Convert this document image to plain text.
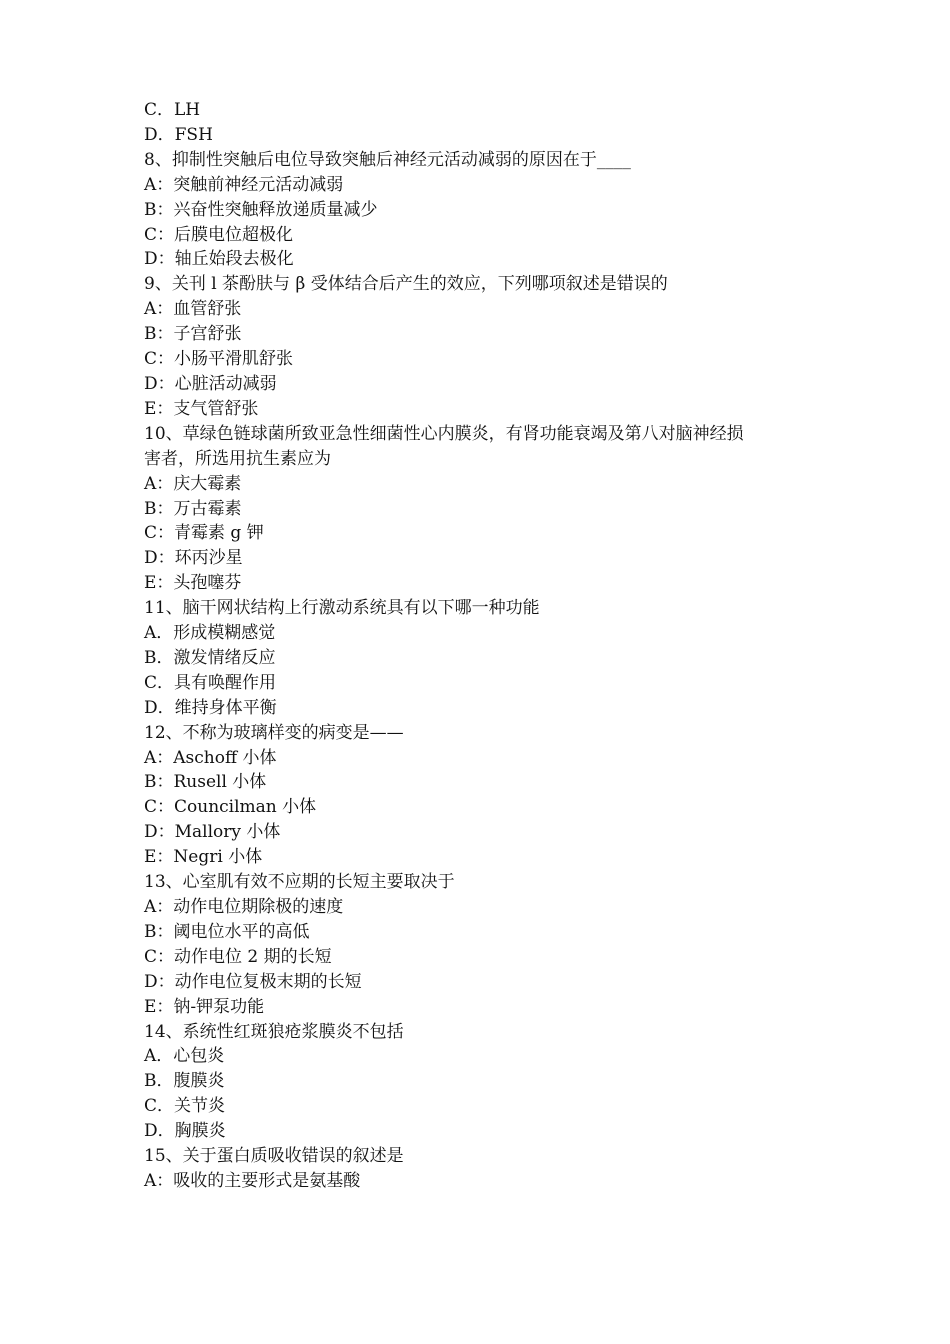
C．LH

D．FSH

8、抑制性突触后电位导致突触后神经元活动减弱的原因在于____

A：突触前神经元活动减弱

B：兴奋性突触释放递质量减少

C：后膜电位超极化

D：轴丘始段去极化

9、关刊 l 茶酚肤与 β 受体结合后产生的效应，下列哪项叙述是错误的

A：血管舒张

B：子宫舒张

C：小肠平滑肌舒张

D：心脏活动减弱

E：支气管舒张

10、草绿色链球菌所致亚急性细菌性心内膜炎，有肾功能衰竭及第八对脑神经损

害者，所选用抗生素应为

A：庆大霉素

B：万古霉素

C：青霉素 g 钾

D：环丙沙星

E：头孢噻芬

11、脑干网状结构上行激动系统具有以下哪一种功能

A．形成模糊感觉

B．激发情绪反应

C．具有唤醒作用

D．维持身体平衡

12、不称为玻璃样变的病变是——

A：Aschoff 小体

B：Rusell 小体

C：Councilman 小体

D：Mallory 小体

E：Negri 小体

13、心室肌有效不应期的长短主要取决于

A：动作电位期除极的速度

B：阈电位水平的高低

C：动作电位 2 期的长短

D：动作电位复极末期的长短

E：钠-钾泵功能

14、系统性红斑狼疮浆膜炎不包括

A．心包炎

B．腹膜炎

C．关节炎

D．胸膜炎

15、关于蛋白质吸收错误的叙述是

A：吸收的主要形式是氨基酸
